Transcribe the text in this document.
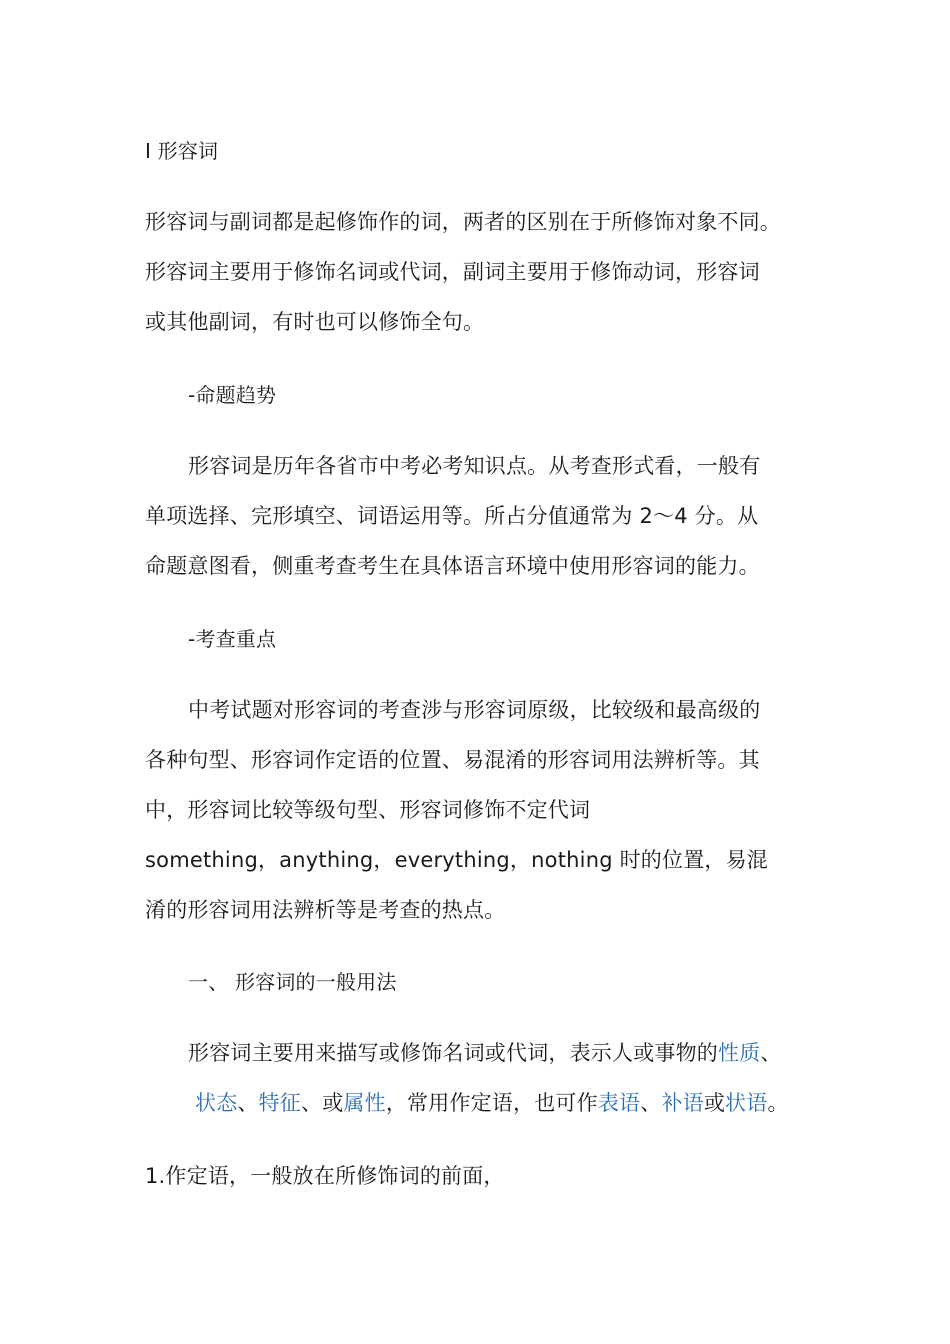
I 形容词
形容词与副词都是起修饰作的词，两者的区别在于所修饰对象不同。
形容词主要用于修饰名词或代词，副词主要用于修饰动词，形容词
或其他副词，有时也可以修饰全句。
-命题趋势
形容词是历年各省市中考必考知识点。从考查形式看，一般有
单项选择、完形填空、词语运用等。所占分值通常为 2～4 分。从
命题意图看，侧重考查考生在具体语言环境中使用形容词的能力。
-考查重点
中考试题对形容词的考查涉与形容词原级，比较级和最高级的
各种句型、形容词作定语的位置、易混淆的形容词用法辨析等。其
中，形容词比较等级句型、形容词修饰不定代词
something，anything，everything，nothing 时的位置，易混
淆的形容词用法辨析等是考查的热点。
一、 形容词的一般用法
形容词主要用来描写或修饰名词或代词，表示人或事物的性质、
状态、特征、或属性，常用作定语，也可作表语、补语或状语。
1.作定语，一般放在所修饰词的前面，
